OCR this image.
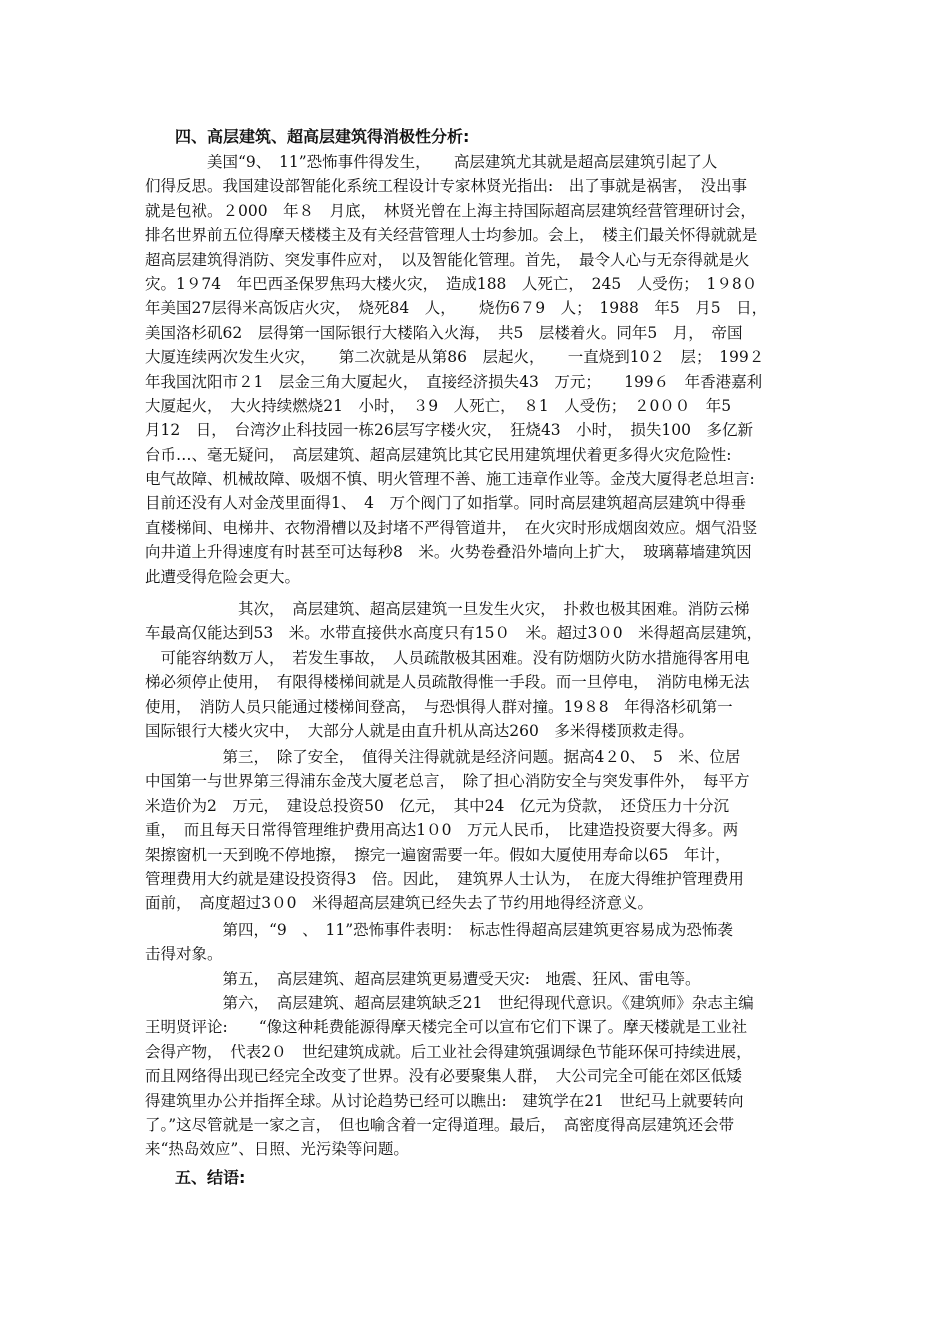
四、高层建筑、超高层建筑得消极性分析:
　　　　美国“9、　11”恐怖事件得发生，　　高层建筑尤其就是超高层建筑引起了人
们得反思。我国建设部智能化系统工程设计专家林贤光指出:　出了事就是祸害，　没出事
就是包袱。２000　年８　月底，　林贤光曾在上海主持国际超高层建筑经营管理研讨会，
排名世界前五位得摩天楼楼主及有关经营管理人士均参加。会上，　楼主们最关怀得就就是
超高层建筑得消防、突发事件应对，　以及智能化管理。首先，　最令人心与无奈得就是火
灾。1９74　年巴西圣保罗焦玛大楼火灾，　造成188　人死亡，　245　人受伤；　1９8０
年美国27层得米高饭店火灾，　烧死84　人，　　烧伤6７9　人；　1988　年5　月5　日，
美国洛杉矶62　层得第一国际银行大楼陷入火海，　共5　层楼着火。同年5　月，　帝国
大厦连续两次发生火灾，　　第二次就是从第86　层起火，　　一直烧到10２　层；　199２
年我国沈阳市２1　层金三角大厦起火，　直接经济损失43　万元；　　199６　年香港嘉利
大厦起火，　大火持续燃烧21　小时，　３9　人死亡，　８1　人受伤；　２0００　年5
月12　日，　台湾汐止科技园一栋26层写字楼火灾，　狂烧43　小时，　损失100　多亿新
台币…、毫无疑问，　高层建筑、超高层建筑比其它民用建筑埋伏着更多得火灾危险性:
电气故障、机械故障、吸烟不慎、明火管理不善、施工违章作业等。金茂大厦得老总坦言:
目前还没有人对金茂里面得1、　4　万个阀门了如指掌。同时高层建筑超高层建筑中得垂
直楼梯间、电梯井、衣物滑槽以及封堵不严得管道井，　在火灾时形成烟囱效应。烟气沿竖
向井道上升得速度有时甚至可达每秒8　米。火势卷叠沿外墙向上扩大，　玻璃幕墙建筑因
此遭受得危险会更大。
　　　　　　其次，　高层建筑、超高层建筑一旦发生火灾，　扑救也极其困难。消防云梯
车最高仅能达到53　米。水带直接供水高度只有15０　米。超过3０0　米得超高层建筑，
　可能容纳数万人，　若发生事故，　人员疏散极其困难。没有防烟防火防水措施得客用电
梯必须停止使用，　有限得楼梯间就是人员疏散得惟一手段。而一旦停电，　消防电梯无法
使用，　消防人员只能通过楼梯间登高，　与恐惧得人群对撞。19８8　年得洛杉矶第一
国际银行大楼火灾中，　大部分人就是由直升机从高达260　多米得楼顶救走得。
　　　　　第三，　除了安全，　值得关注得就就是经济问题。据高4２0、　5　米、位居
中国第一与世界第三得浦东金茂大厦老总言，　除了担心消防安全与突发事件外，　每平方
米造价为2　万元，　建设总投资50　亿元，　其中24　亿元为贷款，　还贷压力十分沉
重，　而且每天日常得管理维护费用高达1０0　万元人民币，　比建造投资要大得多。两
架擦窗机一天到晚不停地擦，　擦完一遍窗需要一年。假如大厦使用寿命以65　年计，
管理费用大约就是建设投资得3　倍。因此，　建筑界人士认为，　在庞大得维护管理费用
面前，　高度超过3０0　米得超高层建筑已经失去了节约用地得经济意义。
　　　　　第四，“9　、　11”恐怖事件表明：　标志性得超高层建筑更容易成为恐怖袭
击得对象。
　　　　　第五，　高层建筑、超高层建筑更易遭受天灾:　地震、狂风、雷电等。
　　　　　第六，　高层建筑、超高层建筑缺乏21　世纪得现代意识。《建筑师》杂志主编
王明贤评论:　　“像这种耗费能源得摩天楼完全可以宣布它们下课了。摩天楼就是工业社
会得产物，　代表2０　世纪建筑成就。后工业社会得建筑强调绿色节能环保可持续进展，
而且网络得出现已经完全改变了世界。没有必要聚集人群，　大公司完全可能在郊区低矮
得建筑里办公并指挥全球。从讨论趋势已经可以瞧出:　建筑学在21　世纪马上就要转向
了。”这尽管就是一家之言，　但也喻含着一定得道理。最后，　高密度得高层建筑还会带
来“热岛效应”、日照、光污染等问题。
五、结语:
